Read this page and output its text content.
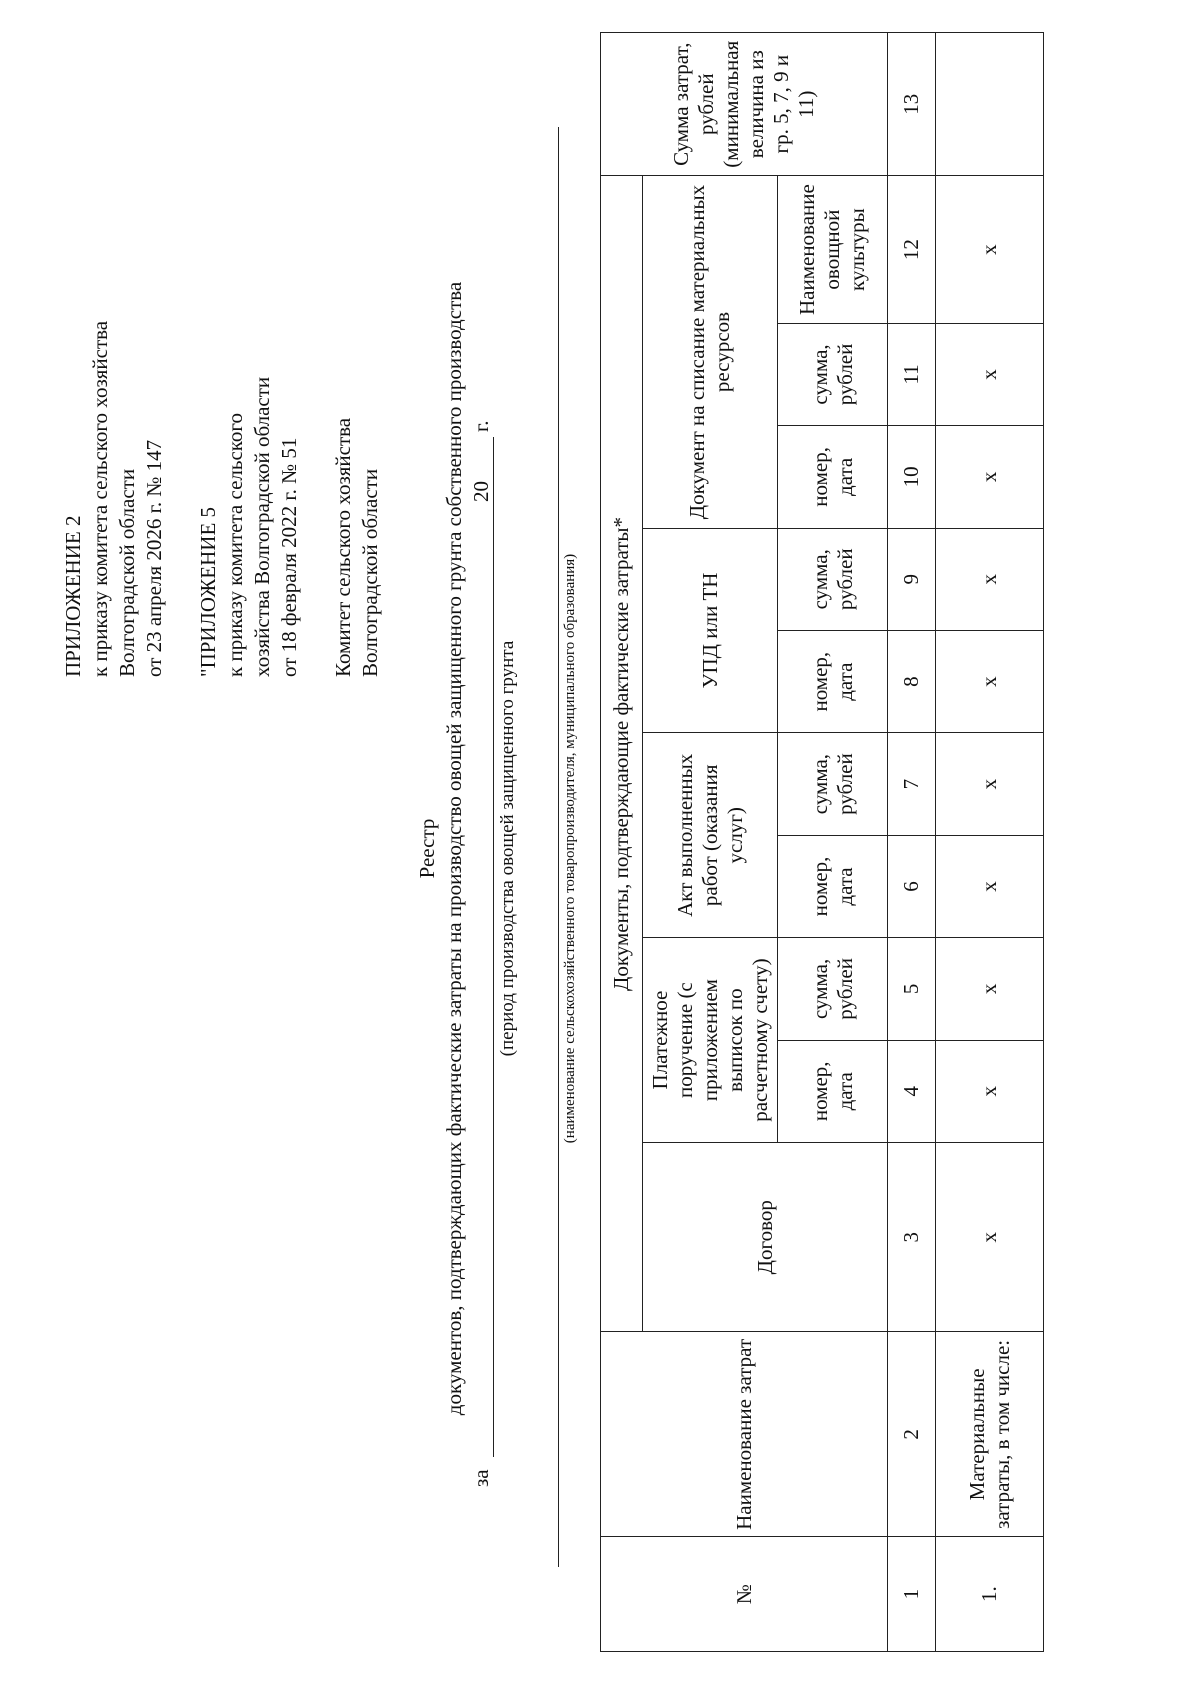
ПРИЛОЖЕНИЕ 2 к приказу комитета сельского хозяйства Волгоградской области от 23 апреля 2026 г. № 147 "ПРИЛОЖЕНИЕ 5 к приказу комитета сельского хозяйства Волгоградской области от 18 февраля 2022 г. № 51 Комитет сельского хозяйства Волгоградской области
Реестр документов, подтверждающих фактические затраты на производство овощей защищенного грунта собственного производства
за
20
г.
(период производства овощей защищенного грунта	(наименование сельскохозяйственного товаропроизводителя, муниципального образования)
№	Наименование затрат	Документы, подтверждающие фактические затраты*										Сумма затрат, рублей (минимальная величина из гр. 5, 7, 9 и 11)
		Договор	Платежное поручение (с приложением выписок по расчетному счету)		Акт выполненных работ (оказания услуг)		УПД или ТН		Документ на списание материальных ресурсов			
			номер, дата	сумма, рублей	номер, дата	сумма, рублей	номер, дата	сумма, рублей	номер, дата	сумма, рублей	Наименование овощной культуры	
1	2	3	4	5	6	7	8	9	10	11	12	13
1.	Материальные затраты, в том числе:	x	x	x	x	x	x	x	x	x	x	
